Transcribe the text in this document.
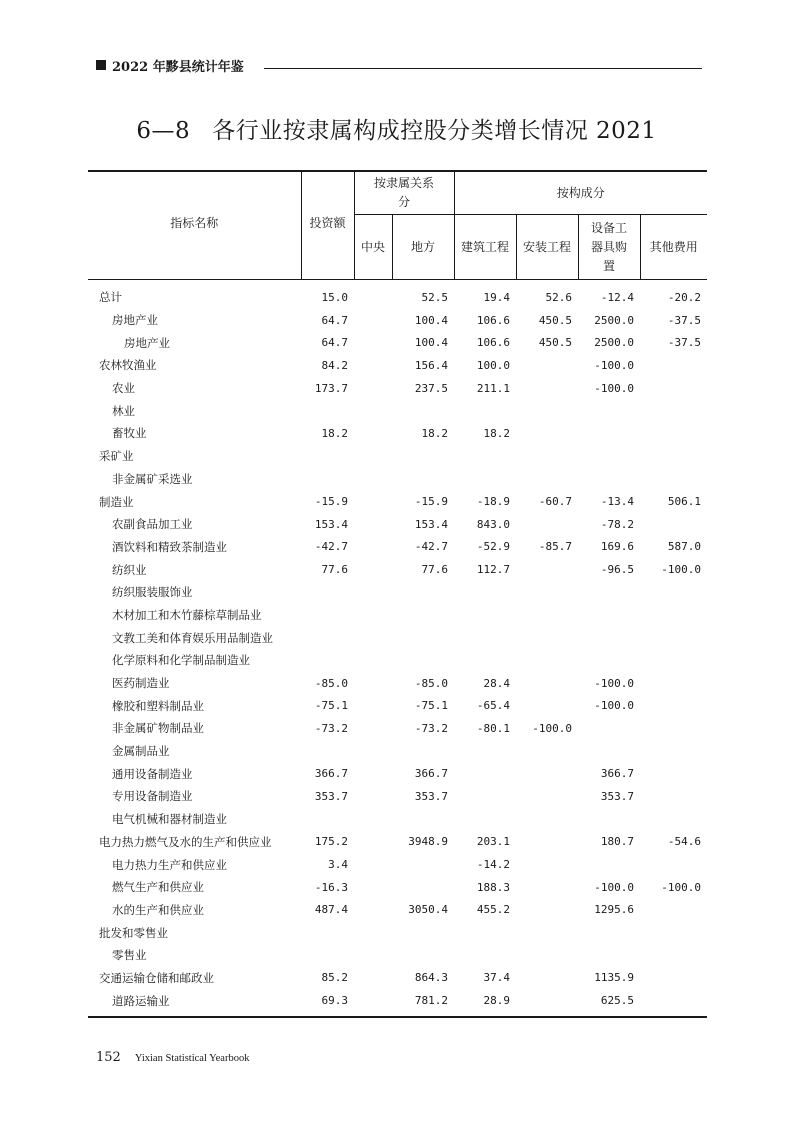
2022 年黟县统计年鉴
6—8 各行业按隶属构成控股分类增长情况 2021
指标名称	投资额	按隶属关系分		按构成分			
		中央	地方	建筑工程	安装工程	设备工器具购置	其他费用
总计	15.0		52.5	19.4	52.6	-12.4	-20.2
房地产业	64.7		100.4	106.6	450.5	2500.0	-37.5
房地产业	64.7		100.4	106.6	450.5	2500.0	-37.5
农林牧渔业	84.2		156.4	100.0		-100.0	
农业	173.7		237.5	211.1		-100.0	
林业							
畜牧业	18.2		18.2	18.2			
采矿业							
非金属矿采选业							
制造业	-15.9		-15.9	-18.9	-60.7	-13.4	506.1
农副食品加工业	153.4		153.4	843.0		-78.2	
酒饮料和精致茶制造业	-42.7		-42.7	-52.9	-85.7	169.6	587.0
纺织业	77.6		77.6	112.7		-96.5	-100.0
纺织服装服饰业							
木材加工和木竹藤棕草制品业							
文教工美和体育娱乐用品制造业							
化学原料和化学制品制造业							
医药制造业	-85.0		-85.0	28.4		-100.0	
橡胶和塑料制品业	-75.1		-75.1	-65.4		-100.0	
非金属矿物制品业	-73.2		-73.2	-80.1	-100.0		
金属制品业							
通用设备制造业	366.7		366.7			366.7	
专用设备制造业	353.7		353.7			353.7	
电气机械和器材制造业							
电力热力燃气及水的生产和供应业	175.2		3948.9	203.1		180.7	-54.6
电力热力生产和供应业	3.4			-14.2			
燃气生产和供应业	-16.3			188.3		-100.0	-100.0
水的生产和供应业	487.4		3050.4	455.2		1295.6	
批发和零售业							
零售业							
交通运输仓储和邮政业	85.2		864.3	37.4		1135.9	
道路运输业	69.3		781.2	28.9		625.5	
152 Yixian Statistical Yearbook
